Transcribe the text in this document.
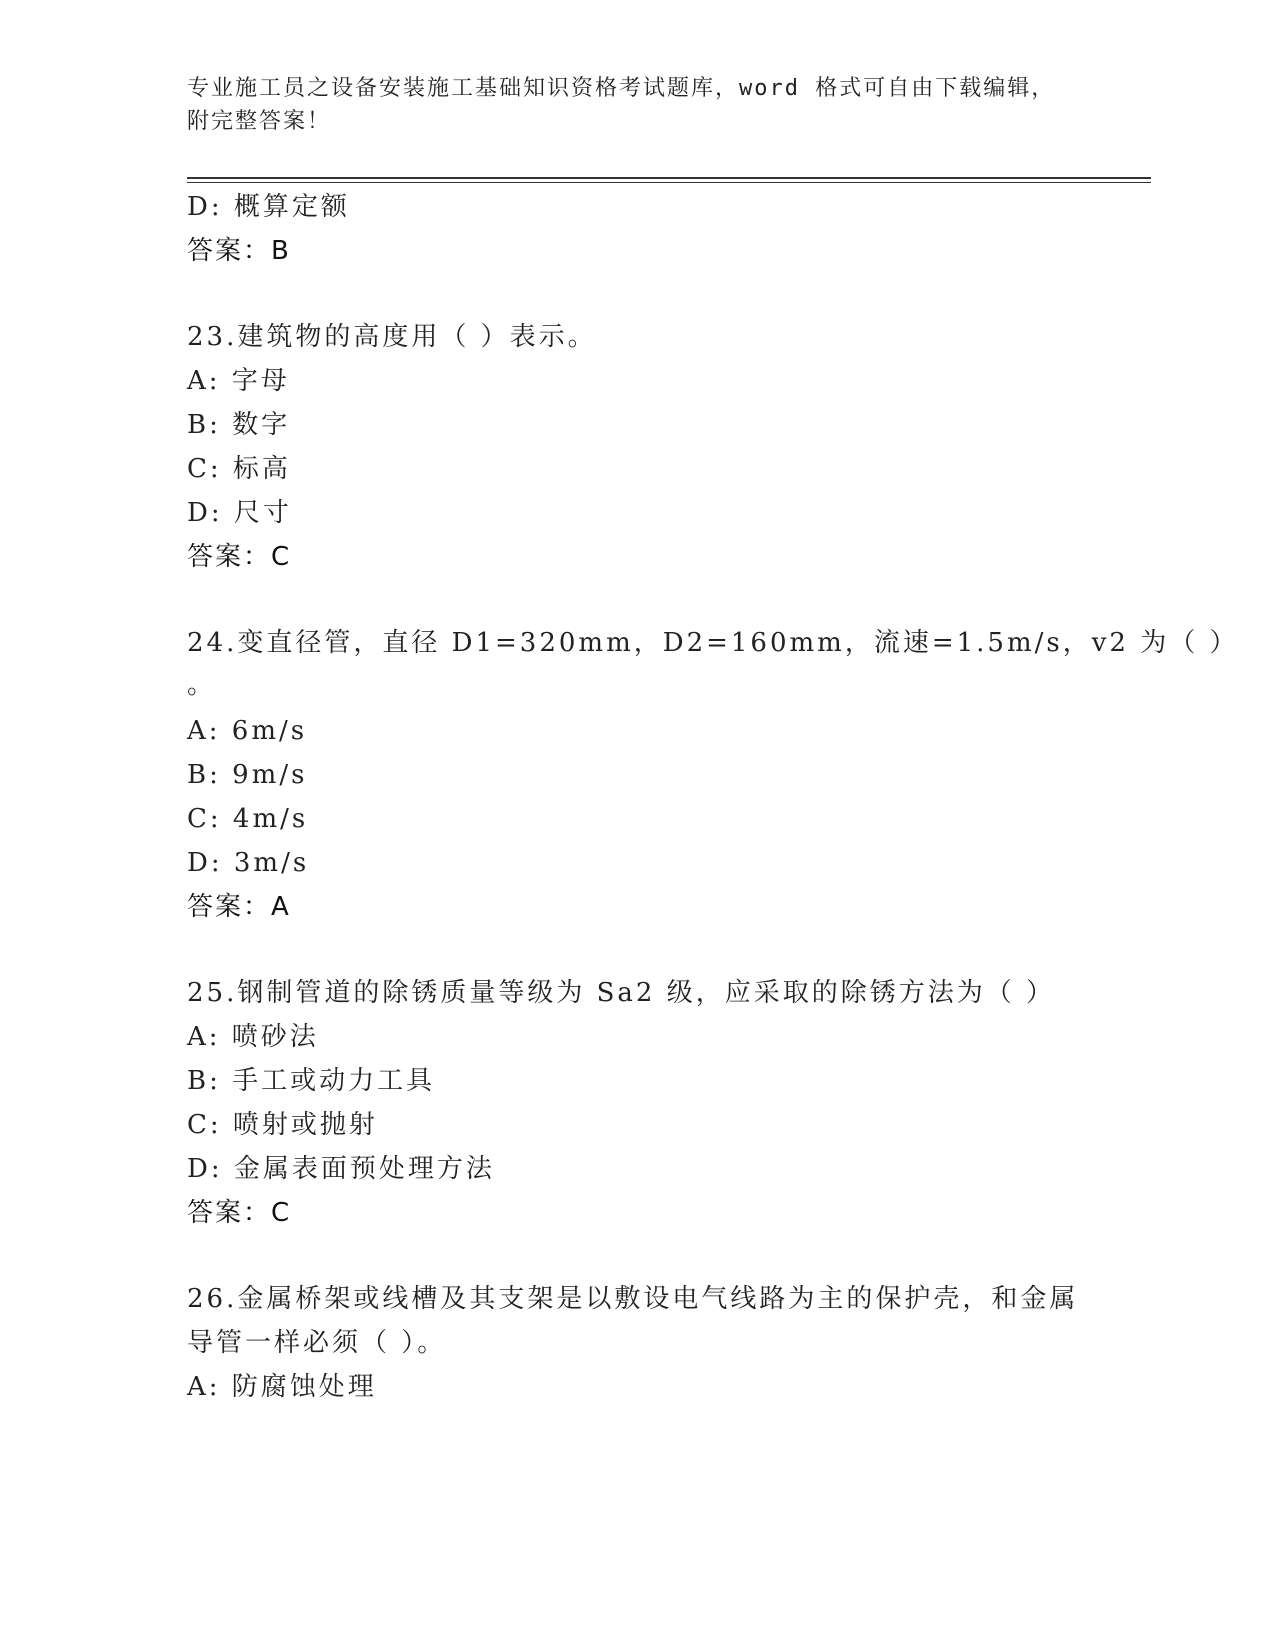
专业施工员之设备安装施工基础知识资格考试题库，word 格式可自由下载编辑，
附完整答案！
D: 概算定额
答案：B
23.建筑物的高度用（ ）表示。
A: 字母
B: 数字
C: 标高
D: 尺寸
答案：C
24.变直径管，直径 D1=320mm，D2=160mm，流速=1.5m/s，v2 为（ ）
。
A: 6m/s
B: 9m/s
C: 4m/s
D: 3m/s
答案：A
25.钢制管道的除锈质量等级为 Sa2 级，应采取的除锈方法为（ ）
A: 喷砂法
B: 手工或动力工具
C: 喷射或抛射
D: 金属表面预处理方法
答案：C
26.金属桥架或线槽及其支架是以敷设电气线路为主的保护壳，和金属
导管一样必须（ ）。
A: 防腐蚀处理
